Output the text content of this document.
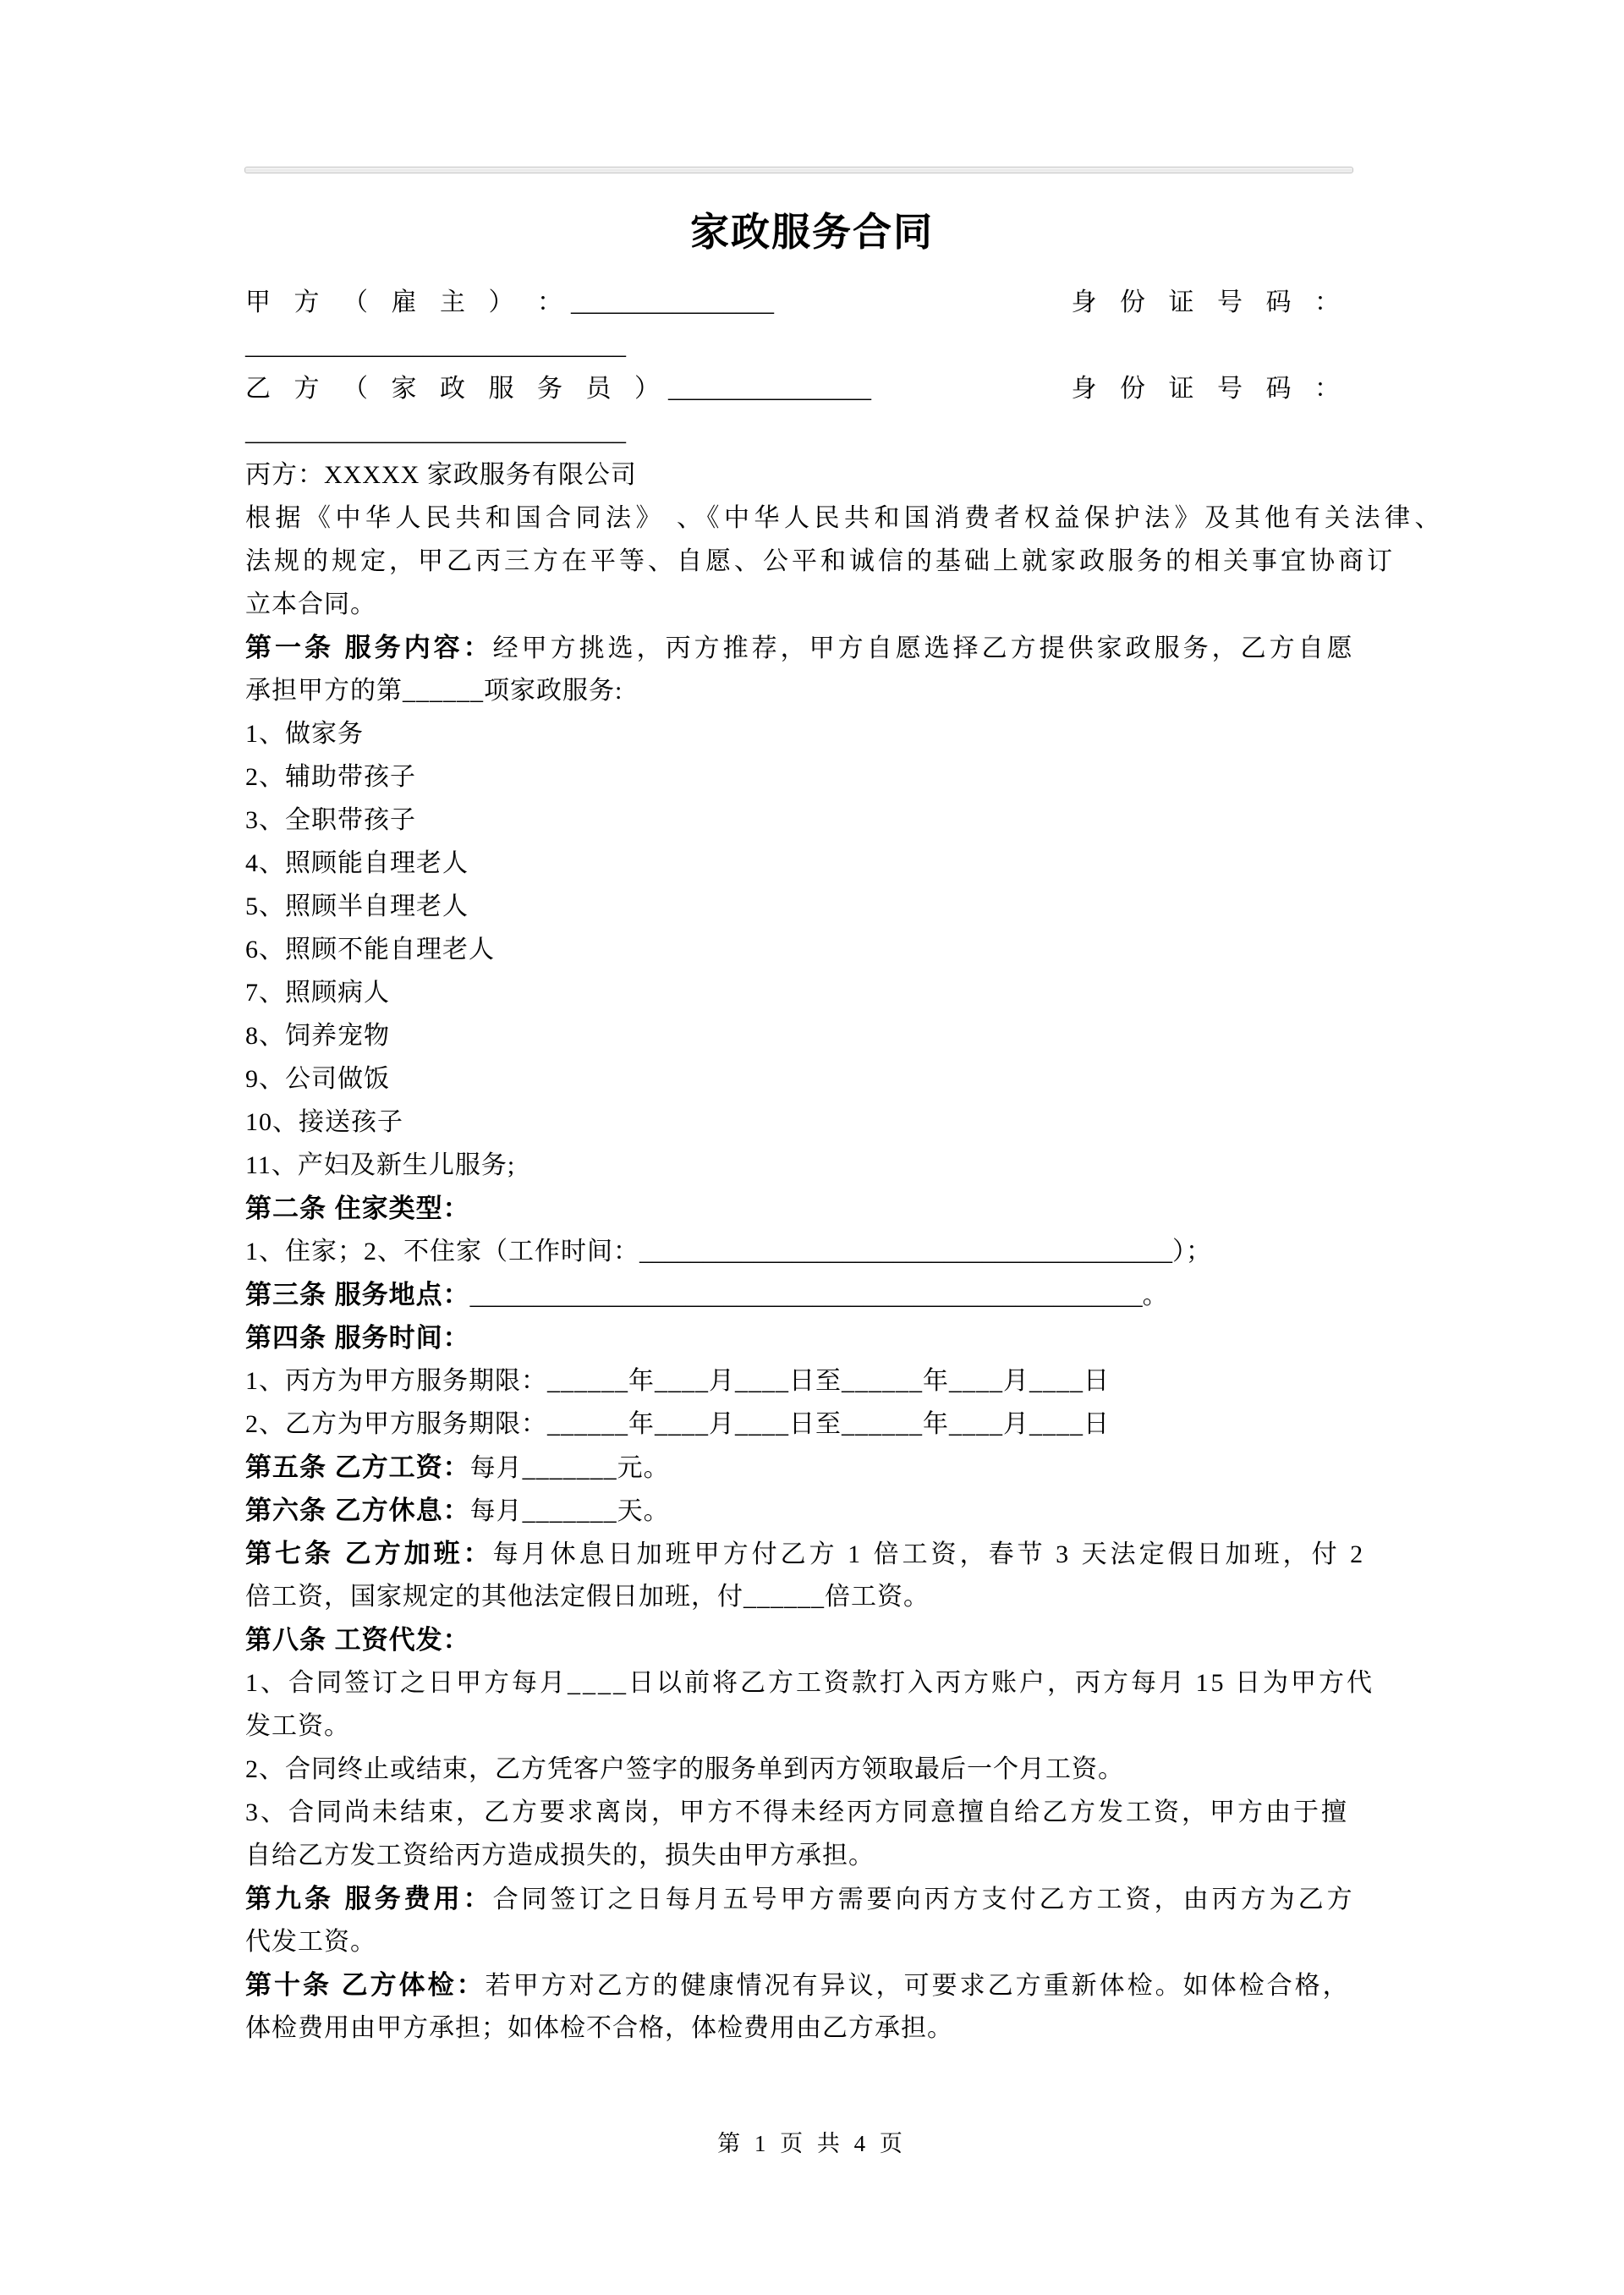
家政服务合同
甲 方 （ 雇 主 ） ： ________________	身 份 证 号 码 ：
______________________________
乙 方 （ 家 政 服 务 员 ） ________________	身 份 证 号 码 ：
______________________________
丙方：XXXXX 家政服务有限公司
根据《中华人民共和国合同法》 、《中华人民共和国消费者权益保护法》及其他有关法律、
法规的规定，甲乙丙三方在平等、自愿、公平和诚信的基础上就家政服务的相关事宜协商订
立本合同。
第一条 服务内容：经甲方挑选，丙方推荐，甲方自愿选择乙方提供家政服务，乙方自愿
承担甲方的第______项家政服务:
1、做家务
2、辅助带孩子
3、全职带孩子
4、照顾能自理老人
5、照顾半自理老人
6、照顾不能自理老人
7、照顾病人
8、饲养宠物
9、公司做饭
10、接送孩子
11、产妇及新生儿服务;
第二条 住家类型：
1、住家；2、不住家（工作时间：__________________________________________）；
第三条 服务地点：_____________________________________________________。
第四条 服务时间：
1、丙方为甲方服务期限：______年____月____日至______年____月____日
2、乙方为甲方服务期限：______年____月____日至______年____月____日
第五条 乙方工资：每月_______元。
第六条 乙方休息：每月_______天。
第七条 乙方加班：每月休息日加班甲方付乙方 1 倍工资，春节 3 天法定假日加班，付 2
倍工资，国家规定的其他法定假日加班，付______倍工资。
第八条 工资代发：
1、合同签订之日甲方每月____日以前将乙方工资款打入丙方账户，丙方每月 15 日为甲方代
发工资。
2、合同终止或结束，乙方凭客户签字的服务单到丙方领取最后一个月工资。
3、合同尚未结束，乙方要求离岗，甲方不得未经丙方同意擅自给乙方发工资，甲方由于擅
自给乙方发工资给丙方造成损失的，损失由甲方承担。
第九条 服务费用：合同签订之日每月五号甲方需要向丙方支付乙方工资，由丙方为乙方
代发工资。
第十条 乙方体检：若甲方对乙方的健康情况有异议，可要求乙方重新体检。如体检合格，
体检费用由甲方承担；如体检不合格，体检费用由乙方承担。
第 1 页 共 4 页
